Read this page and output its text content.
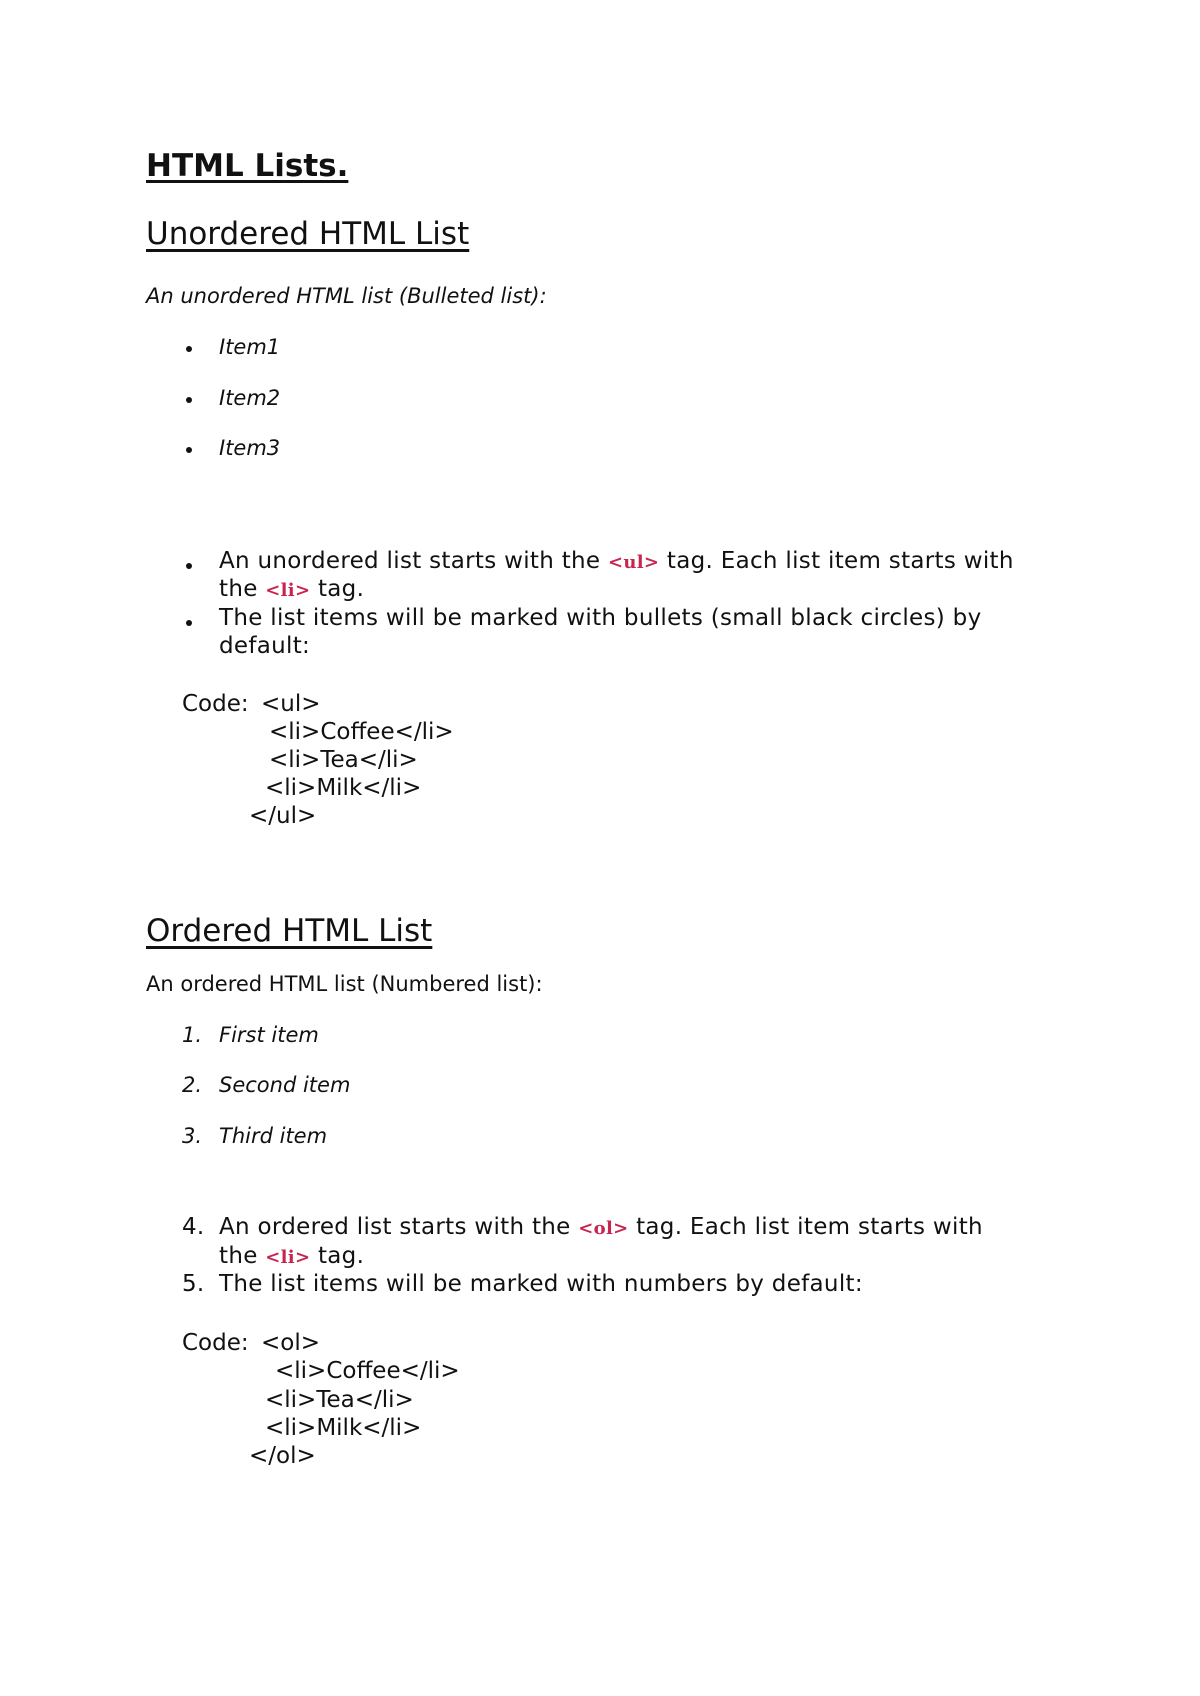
HTML Lists.
Unordered HTML List
An unordered HTML list (Bulleted list):
Item1
Item2
Item3
An unordered list starts with the <ul> tag. Each list item starts with
the <li> tag.
The list items will be marked with bullets (small black circles) by
default:
Code: <ul>
<li>Coffee</li>
<li>Tea</li>
<li>Milk</li>
</ul>
Ordered HTML List
An ordered HTML list (Numbered list):
1. First item
2. Second item
3. Third item
4. An ordered list starts with the <ol> tag. Each list item starts with
the <li> tag.
5. The list items will be marked with numbers by default:
Code: <ol>
<li>Coffee</li>
<li>Tea</li>
<li>Milk</li>
</ol>
